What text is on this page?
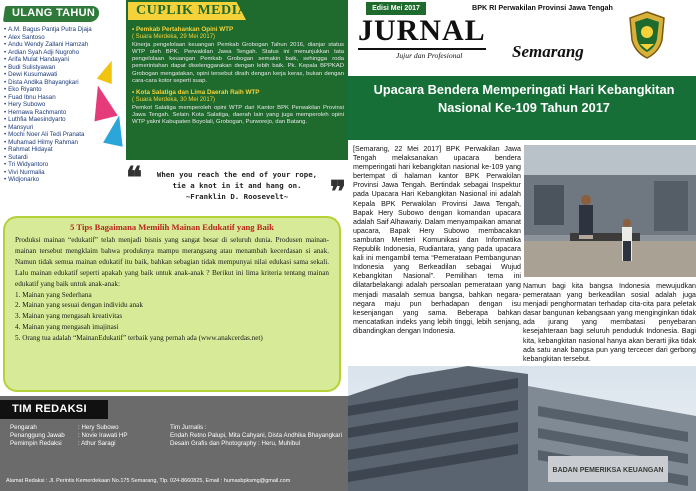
ULANG TAHUN
• A.M. Bagus Pantja Putra Djaja
• Alex Santoso
• Andu Wendy Zallani Hamzah
• Ardian Syah Adji Nugroho
• Arifa Mulat Handayani
• Budi Sulistyawan
• Dewi Kusumawati
• Dista Andika Bhayangkari
• Eko Riyanto
• Fuad Ibnu Hasan
• Hery Subowo
• Hernawa Rachmanto
• Luthfia Maesindyarto
• Mansyuri
• Mochi Noer Ali Tedi Pranata
• Muhamad Hilmy Rahman
• Rahmat Hidayat
• Sutardi
• Tri Widyantoro
• Vivi Nurmalia
• Widjonarko
CUPLIK MEDIA
• Pemkab Pertahankan Opini WTP
( Suara Merdeka, 29 Mei 2017)

Kinerja pengelolaan keuangan Pemkab Grobogan Tahun 2016, dianjar status WTP oleh BPK. Perwakilan Jawa Tengah. Status ini menunjukkan tata pengelolaan keuangan Pemkab Grobogan semakin baik, sehingga roda pemerintahan dapat diselenggarakan dengan lebih baik. Pk. Kepala BPPKAD Grobogan mengatakan, opini tersebut diraih dengan kerja keras, bukan dengan cara-cara kotor seperti suap.

• Kota Salatiga dan Lima Daerah Raih WTP
( Suara Merdeka, 30 Mei 2017)

Pemkot Salatiga memperoleh opini WTP dari Kantor BPK Perwakilan Provinsi Jawa Tengah. Selain Kota Salatiga, daerah lain yang juga memperoleh opini WTP yakni Kabupaten Boyolali, Grobogan, Purworejo, dan Batang.

❝	When you reach the end of your rope,
tie a knot in it and hang on.
~Franklin D. Roosevelt~	❞
5 Tips Bagaimana Memilih Mainan Edukatif yang Baik

Produksi mainan “edukatif” telah menjadi bisnis yang sangat besar di seluruh dunia. Produsen mainan-mainan tersebut mengklaim bahwa produknya mampu merangsang atau menambah kecerdasan si anak. Namun tidak semua mainan edukatif itu baik, bahkan sebagian tidak mempunyai nilai edukasi sama sekali. Lalu mainan edukatif seperti apakah yang baik untuk anak-anak ? Berikut ini lima kriteria tentang mainan edukatif yang baik untuk anak-anak:

1. Mainan yang Sederhana

2. Mainan yang sesuai dengan individu anak

3. Mainan yang mengasah kreativitas

4. Mainan yang mengasah imajinasi

5. Orang tua adalah “MainanEdukatif” terbaik yang pernah ada (www.anakcerdas.net)

TIM REDAKSI
Pengarah	: Hery Subowo
Penanggung Jawab : Novie Irawati HP
Pemimpin Redaksi	: Athur Saragi
Tim Jurnalis :
Endah Retno Palupi, Mita Cahyani, Dista Andhika Bhayangkari
Desain Grafis dan Photography : Heru, Muhibul
Alamat Redaksi : Jl. Perintis Kemerdekaan No.175 Semarang, Tlp. 024-8660825, Email : humasbpksmg@gmail.com
Edisi Mei 2017	BPK RI Perwakilan Provinsi Jawa Tengah
JURNAL
Semarang
Jujur dan Profesional
Upacara Bendera Memperingati Hari Kebangkitan Nasional Ke-109 Tahun 2017

[Semarang, 22 Mei 2017] BPK Perwakilan Jawa Tengah melaksanakan upacara bendera memperingati hari kebangkitan nasional ke-109 yang bertempat di halaman kantor BPK Perwakilan Provinsi Jawa Tengah. Bertindak sebagai Inspektur pada Upacara Hari Kebangkitan Nasional ini adalah Kepala BPK Perwakilan Provinsi Jawa Tengah, Bapak Hery Subowo dengan komandan upacara adalah Saif Alhawariy. Dalam menyampaikan amanat upacara, Bapak Hery Subowo membacakan sambutan Menteri Komunikasi dan Informatika Republik Indonesia, Rudiantara, yang pada upacara kali ini mengambil tema “Pemerataan Pembangunan Indonesia yang Berkeadilan sebagai Wujud Kebangkitan Nasional”. Pemilihan tema ini dilatarbelakangi adalah persoalan pemerataan yang menjadi masalah semua bangsa, bahkan negara-negara maju pun berhadapan dengan isu kesenjangan yang sama. Beberapa bahkan mencatatkan indeks yang lebih tinggi, lebih senjang, dibandingkan dengan Indonesia.

Namun bagi kita bangsa Indonesia mewujudkan pemerataan yang berkeadilan sosial adalah juga menjadi penghormatan terhadap cita-cita para peletak dasar bangunan kebangsaan yang menginginkan tidak ada jurang yang membatasi penyebaran kesejahteraan bagi seluruh penduduk Indonesia. Bagi kita, kebangkitan nasional hanya akan berarti jika tidak ada satu anak bangsa pun yang tercecer dari gerbong kebangkitan tersebut.

BADAN PEMERIKSA KEUANGAN
